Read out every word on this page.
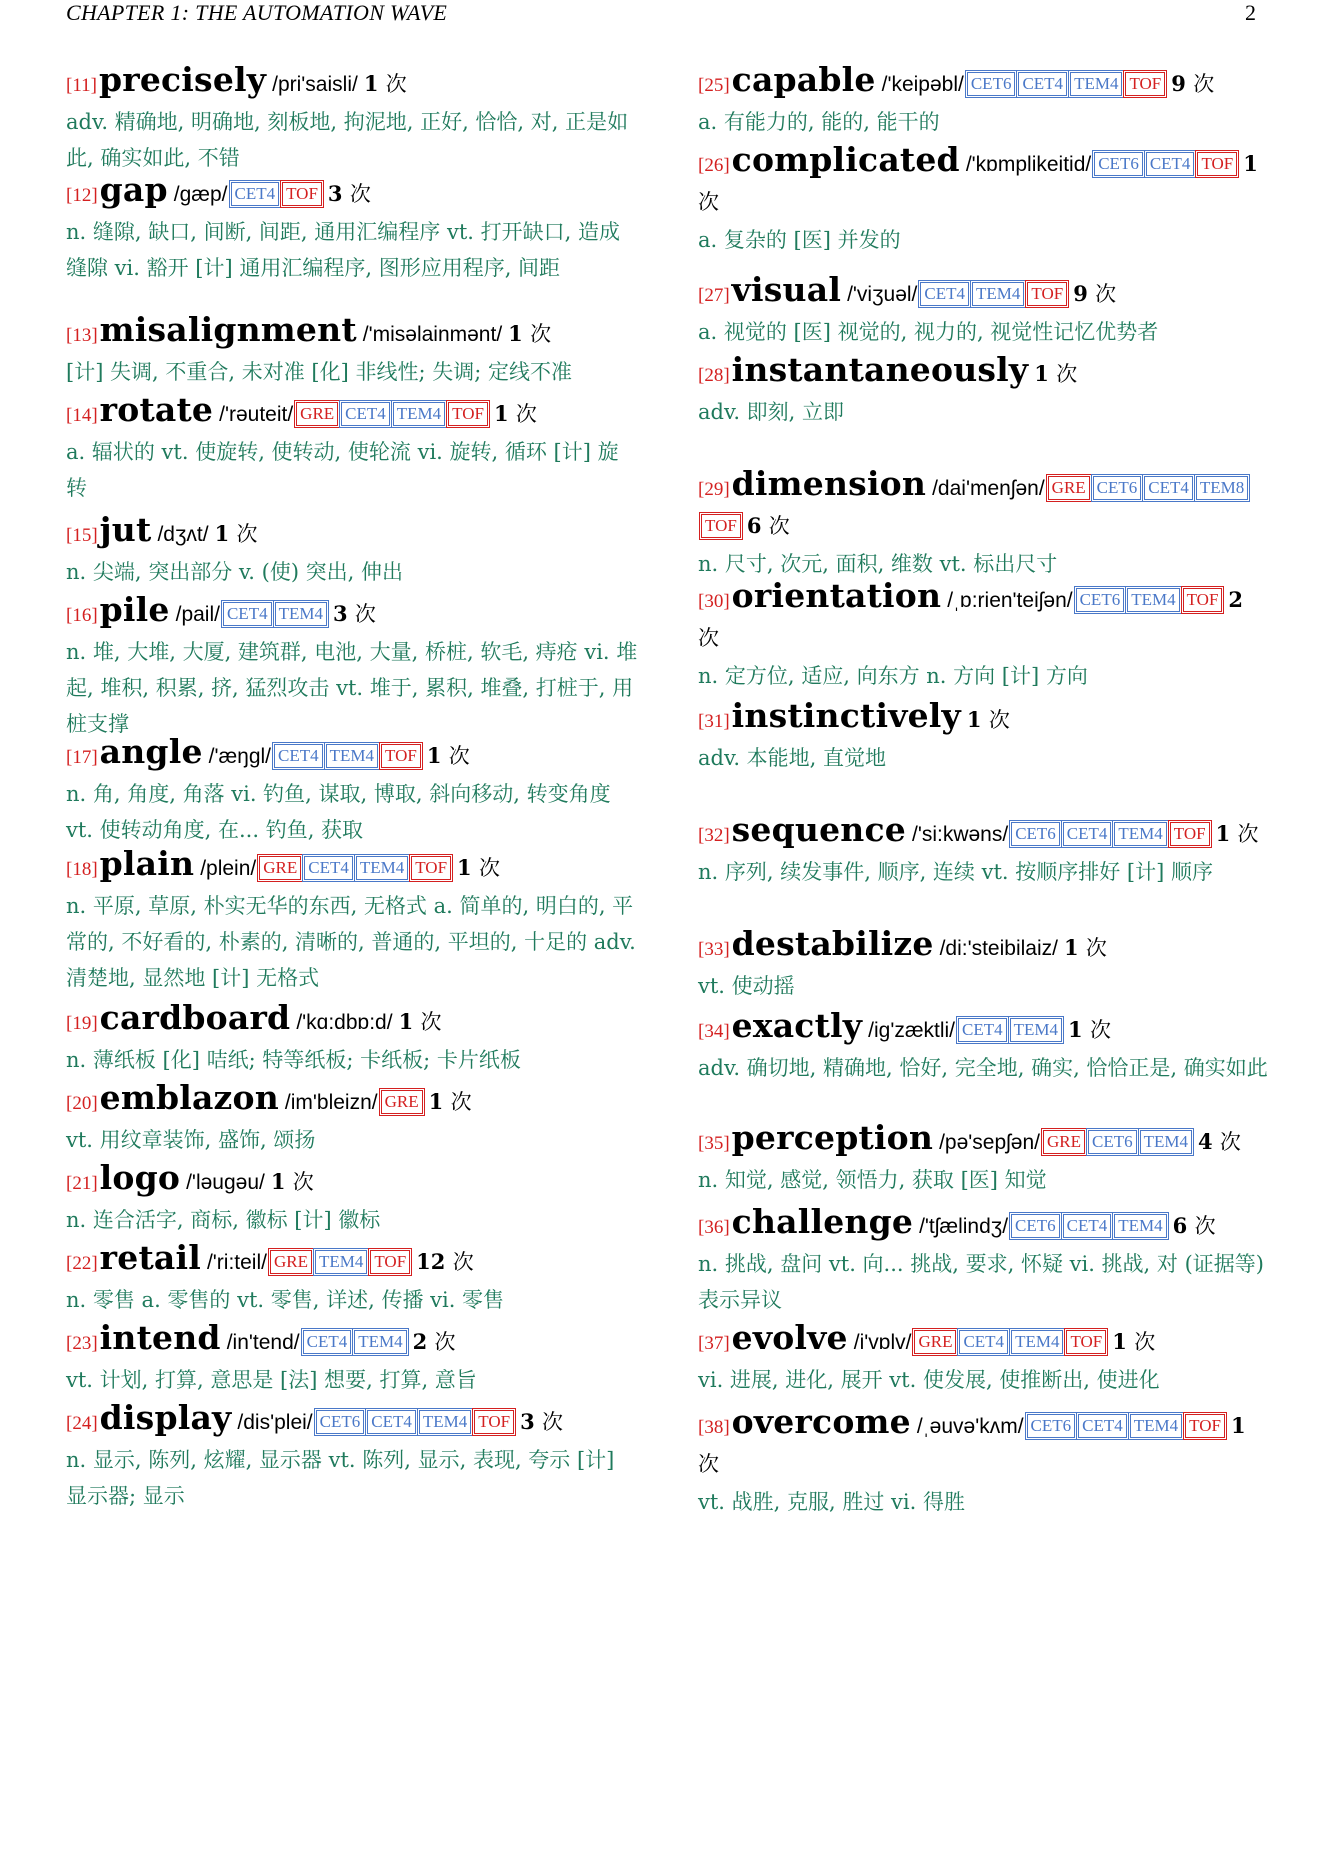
CHAPTER 1: THE AUTOMATION WAVE	2
[11]precisely /pri'saisli/ 1 次
adv. 精确地, 明确地, 刻板地, 拘泥地, 正好, 恰恰, 对, 正是如此, 确实如此, 不错
[12]gap /gæp/ CET4 TOF 3 次
n. 缝隙, 缺口, 间断, 间距, 通用汇编程序 vt. 打开缺口, 造成缝隙 vi. 豁开 [计] 通用汇编程序, 图形应用程序, 间距
[13]misalignment /'misəlainmənt/ 1 次
[计] 失调, 不重合, 未对准 [化] 非线性; 失调; 定线不准
[14]rotate /'rəuteit/ GRE CET4 TEM4 TOF 1 次
a. 辐状的 vt. 使旋转, 使转动, 使轮流 vi. 旋转, 循环 [计] 旋转
[15]jut /dʒʌt/ 1 次
n. 尖端, 突出部分 v. (使) 突出, 伸出
[16]pile /pail/ CET4 TEM4 3 次
n. 堆, 大堆, 大厦, 建筑群, 电池, 大量, 桥桩, 软毛, 痔疮 vi. 堆起, 堆积, 积累, 挤, 猛烈攻击 vt. 堆于, 累积, 堆叠, 打桩于, 用桩支撑
[17]angle /'æŋgl/ CET4 TEM4 TOF 1 次
n. 角, 角度, 角落 vi. 钓鱼, 谋取, 博取, 斜向移动, 转变角度 vt. 使转动角度, 在... 钓鱼, 获取
[18]plain /plein/ GRE CET4 TEM4 TOF 1 次
n. 平原, 草原, 朴实无华的东西, 无格式 a. 简单的, 明白的, 平常的, 不好看的, 朴素的, 清晰的, 普通的, 平坦的, 十足的 adv. 清楚地, 显然地 [计] 无格式
[19]cardboard /'kɑ:dbɒ:d/ 1 次
n. 薄纸板 [化] 咭纸; 特等纸板; 卡纸板; 卡片纸板
[20]emblazon /im'bleizn/ GRE 1 次
vt. 用纹章装饰, 盛饰, 颂扬
[21]logo /'ləugəu/ 1 次
n. 连合活字, 商标, 徽标 [计] 徽标
[22]retail /'ri:teil/ GRE TEM4 TOF 12 次
n. 零售 a. 零售的 vt. 零售, 详述, 传播 vi. 零售
[23]intend /in'tend/ CET4 TEM4 2 次
vt. 计划, 打算, 意思是 [法] 想要, 打算, 意旨
[24]display /dis'plei/ CET6 CET4 TEM4 TOF 3 次
n. 显示, 陈列, 炫耀, 显示器 vt. 陈列, 显示, 表现, 夸示 [计] 显示器; 显示
[25]capable /'keipəbl/ CET6 CET4 TEM4 TOF 9 次
a. 有能力的, 能的, 能干的
[26]complicated /'kɒmplikeitid/ CET6 CET4 TOF 1 次
a. 复杂的 [医] 并发的
[27]visual /'viʒuəl/ CET4 TEM4 TOF 9 次
a. 视觉的 [医] 视觉的, 视力的, 视觉性记忆优势者
[28]instantaneously 1 次
adv. 即刻, 立即
[29]dimension /dai'menʃən/ GRE CET6 CET4 TEM8TOF 6 次
n. 尺寸, 次元, 面积, 维数 vt. 标出尺寸
[30]orientation /ˌɒ:rien'teiʃən/ CET6 TEM4 TOF 2 次
n. 定方位, 适应, 向东方 n. 方向 [计] 方向
[31]instinctively 1 次
adv. 本能地, 直觉地
[32]sequence /'si:kwəns/ CET6 CET4 TEM4 TOF 1 次
n. 序列, 续发事件, 顺序, 连续 vt. 按顺序排好 [计] 顺序
[33]destabilize /di:'steibilaiz/ 1 次
vt. 使动摇
[34]exactly /ig'zæktli/ CET4 TEM4 1 次
adv. 确切地, 精确地, 恰好, 完全地, 确实, 恰恰正是, 确实如此
[35]perception /pə'sepʃən/ GRE CET6 TEM4 4 次
n. 知觉, 感觉, 领悟力, 获取 [医] 知觉
[36]challenge /'tʃælindʒ/ CET6 CET4 TEM4 6 次
n. 挑战, 盘问 vt. 向... 挑战, 要求, 怀疑 vi. 挑战, 对 (证据等) 表示异议
[37]evolve /i'vɒlv/ GRE CET4 TEM4 TOF 1 次
vi. 进展, 进化, 展开 vt. 使发展, 使推断出, 使进化
[38]overcome /ˌəuvə'kʌm/ CET6 CET4 TEM4 TOF 1 次
vt. 战胜, 克服, 胜过 vi. 得胜
